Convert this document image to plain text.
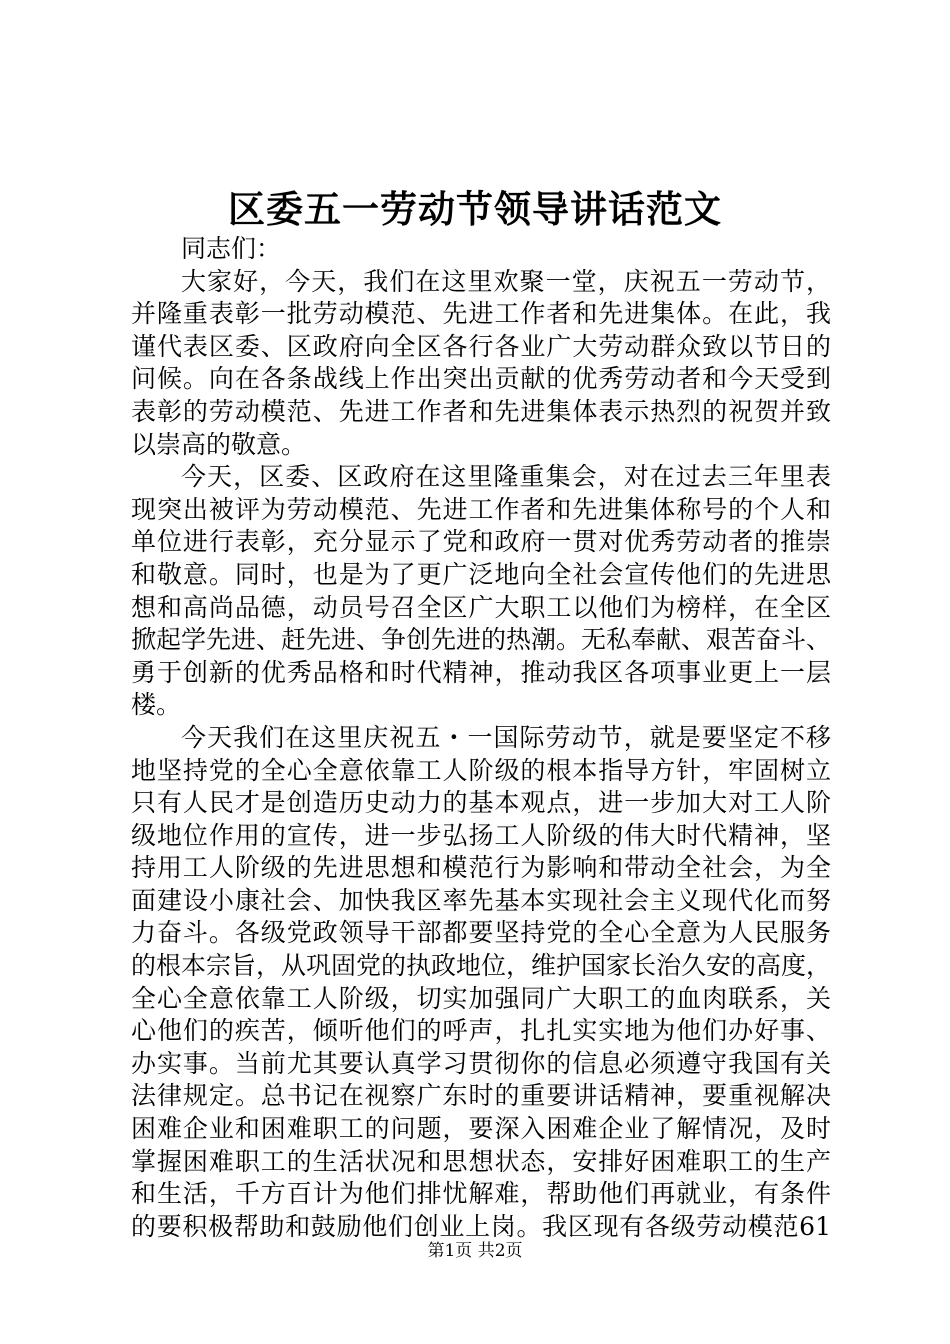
区委五一劳动节领导讲话范文
同志们：
大家好，今天，我们在这里欢聚一堂，庆祝五一劳动节，
并隆重表彰一批劳动模范、先进工作者和先进集体。在此，我
谨代表区委、区政府向全区各行各业广大劳动群众致以节日的
问候。向在各条战线上作出突出贡献的优秀劳动者和今天受到
表彰的劳动模范、先进工作者和先进集体表示热烈的祝贺并致
以崇高的敬意。
今天，区委、区政府在这里隆重集会，对在过去三年里表
现突出被评为劳动模范、先进工作者和先进集体称号的个人和
单位进行表彰，充分显示了党和政府一贯对优秀劳动者的推崇
和敬意。同时，也是为了更广泛地向全社会宣传他们的先进思
想和高尚品德，动员号召全区广大职工以他们为榜样，在全区
掀起学先进、赶先进、争创先进的热潮。无私奉献、艰苦奋斗、
勇于创新的优秀品格和时代精神，推动我区各项事业更上一层
楼。
今天我们在这里庆祝五・一国际劳动节，就是要坚定不移
地坚持党的全心全意依靠工人阶级的根本指导方针，牢固树立
只有人民才是创造历史动力的基本观点，进一步加大对工人阶
级地位作用的宣传，进一步弘扬工人阶级的伟大时代精神，坚
持用工人阶级的先进思想和模范行为影响和带动全社会，为全
面建设小康社会、加快我区率先基本实现社会主义现代化而努
力奋斗。各级党政领导干部都要坚持党的全心全意为人民服务
的根本宗旨，从巩固党的执政地位，维护国家长治久安的高度，
全心全意依靠工人阶级，切实加强同广大职工的血肉联系，关
心他们的疾苦，倾听他们的呼声，扎扎实实地为他们办好事、
办实事。当前尤其要认真学习贯彻你的信息必须遵守我国有关
法律规定。总书记在视察广东时的重要讲话精神，要重视解决
困难企业和困难职工的问题，要深入困难企业了解情况，及时
掌握困难职工的生活状况和思想状态，安排好困难职工的生产
和生活，千方百计为他们排忧解难，帮助他们再就业，有条件
的要积极帮助和鼓励他们创业上岗。我区现有各级劳动模范61
第1页 共2页
